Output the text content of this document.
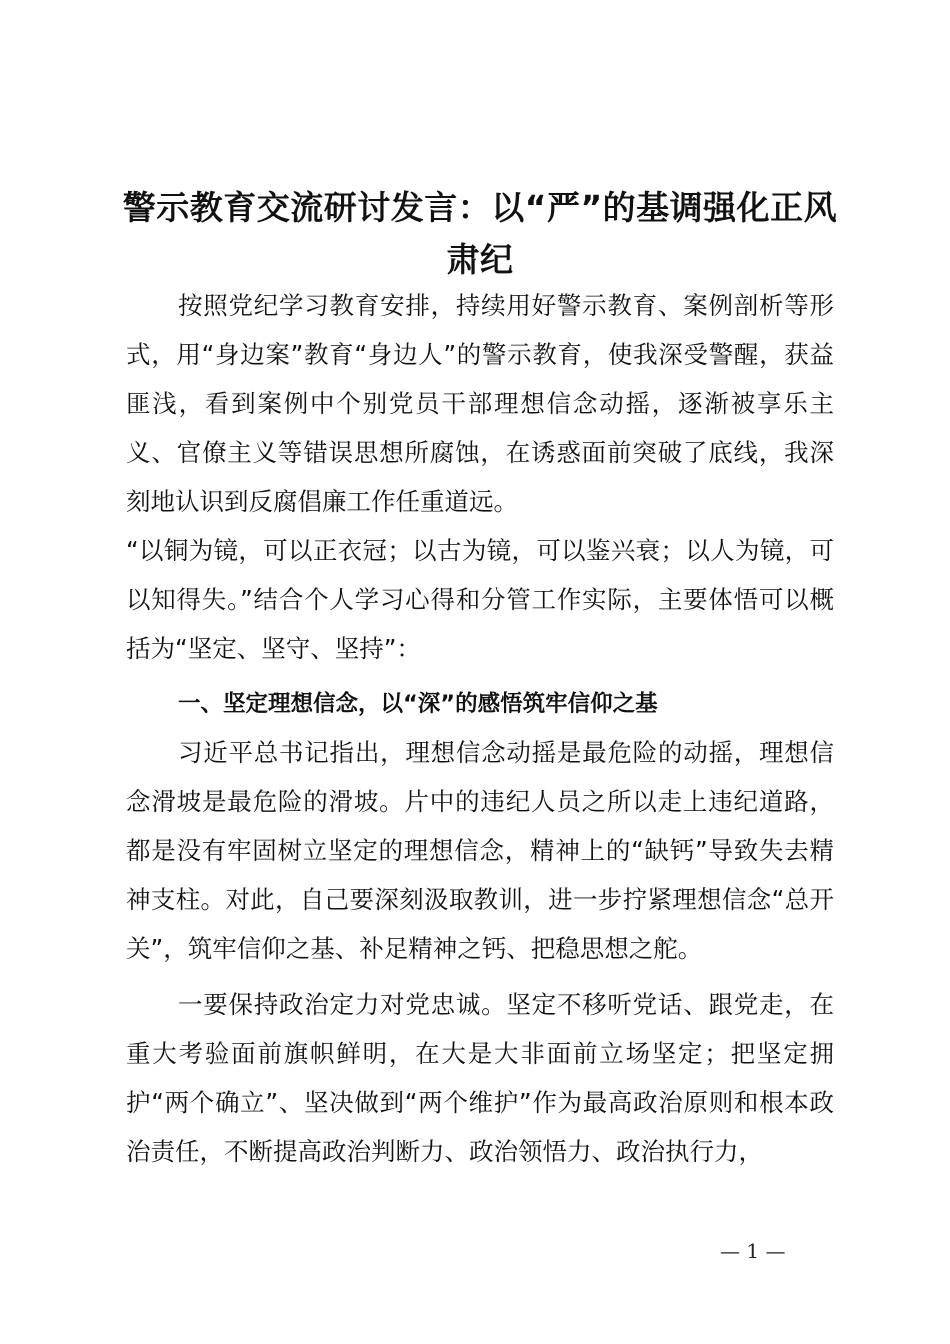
警示教育交流研讨发言：以“严”的基调强化正风肃纪

按照党纪学习教育安排，持续用好警示教育、案例剖析等形式，用“身边案”教育“身边人”的警示教育，使我深受警醒，获益匪浅，看到案例中个别党员干部理想信念动摇，逐渐被享乐主义、官僚主义等错误思想所腐蚀，在诱惑面前突破了底线，我深刻地认识到反腐倡廉工作任重道远。

“以铜为镜，可以正衣冠；以古为镜，可以鉴兴衰；以人为镜，可以知得失。”结合个人学习心得和分管工作实际，主要体悟可以概括为“坚定、坚守、坚持”：

一、坚定理想信念，以“深”的感悟筑牢信仰之基

习近平总书记指出，理想信念动摇是最危险的动摇，理想信念滑坡是最危险的滑坡。片中的违纪人员之所以走上违纪道路，都是没有牢固树立坚定的理想信念，精神上的“缺钙”导致失去精神支柱。对此，自己要深刻汲取教训，进一步拧紧理想信念“总开关”，筑牢信仰之基、补足精神之钙、把稳思想之舵。

一要保持政治定力对党忠诚。坚定不移听党话、跟党走，在重大考验面前旗帜鲜明，在大是大非面前立场坚定；把坚定拥护“两个确立”、坚决做到“两个维护”作为最高政治原则和根本政治责任，不断提高政治判断力、政治领悟力、政治执行力，

— 1 —
